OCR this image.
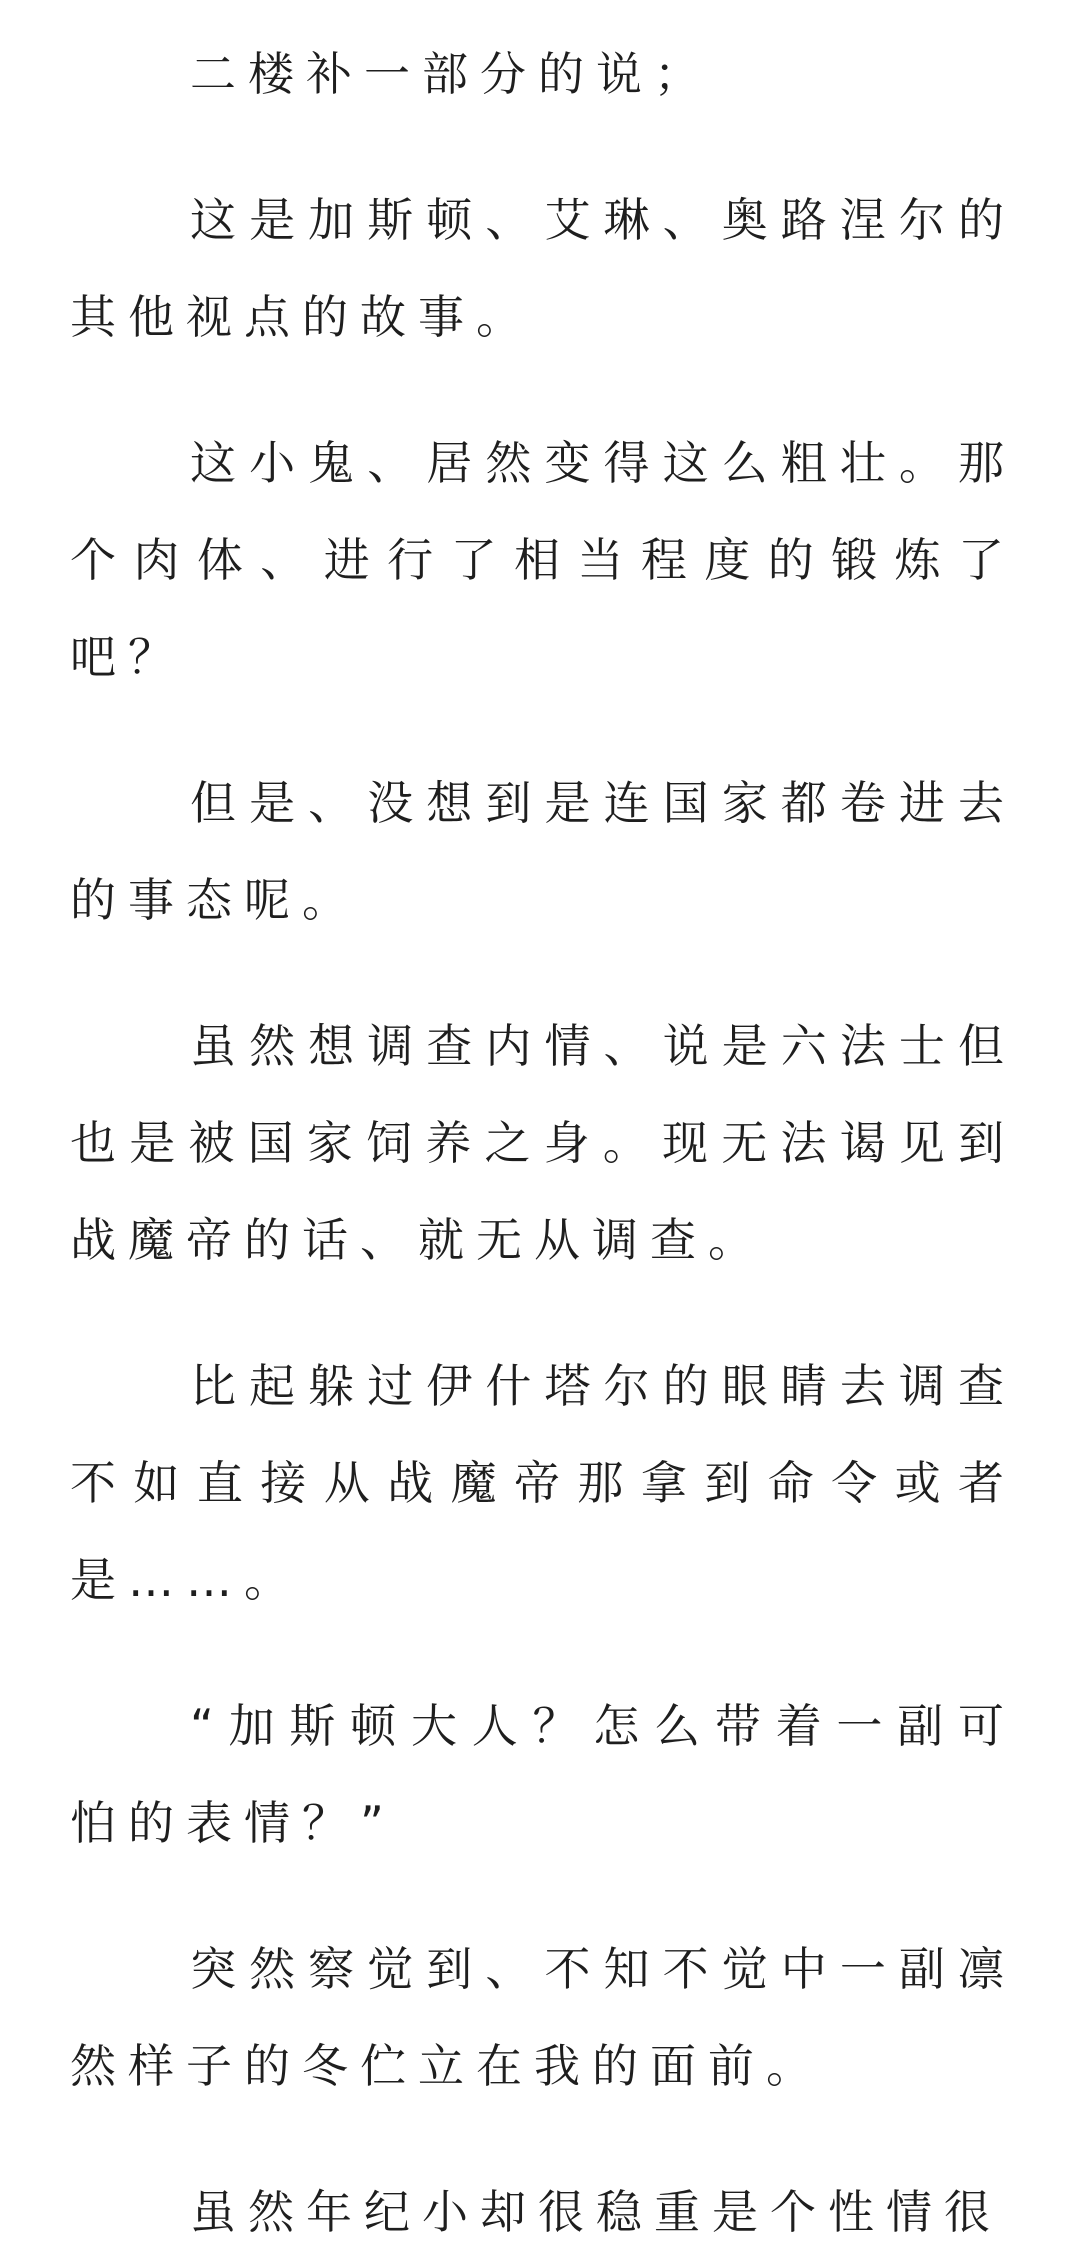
二楼补一部分的说；

这是加斯顿、艾琳、奥路涅尔的其他视点的故事。

这小鬼、居然变得这么粗壮。那个肉体、进行了相当程度的锻炼了吧？

但是、没想到是连国家都卷进去的事态呢。

虽然想调查内情、说是六法士但也是被国家饲养之身。现无法谒见到战魔帝的话、就无从调查。

比起躲过伊什塔尔的眼睛去调查不如直接从战魔帝那拿到命令或者是……。

“加斯顿大人？怎么带着一副可怕的表情？”

突然察觉到、不知不觉中一副凛然样子的冬伫立在我的面前。

虽然年纪小却很稳重是个性情很
